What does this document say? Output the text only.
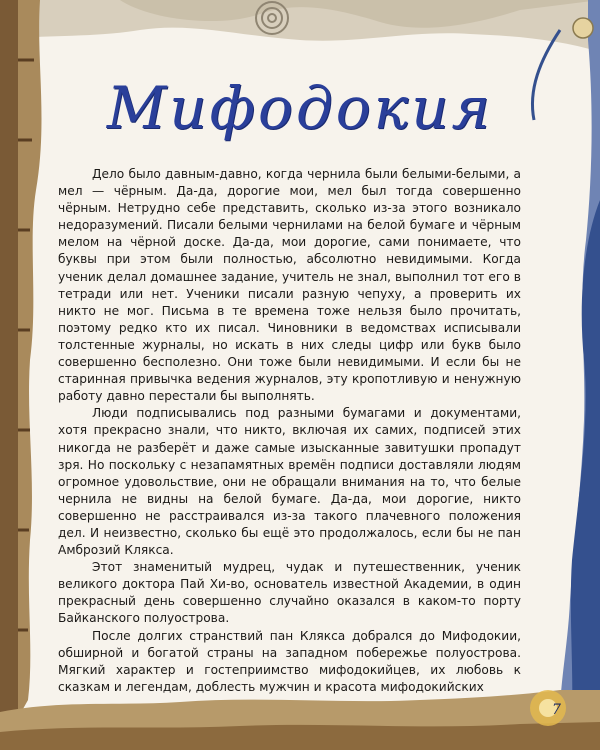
Мифодокия

Дело было давным-давно, когда чернила были белыми-белыми, а мел — чёрным. Да-да, дорогие мои, мел был тогда совершенно чёрным. Нетрудно себе представить, сколько из-за этого возникало недоразумений. Писали белыми чернилами на белой бумаге и чёрным мелом на чёрной доске. Да-да, мои дорогие, сами понимаете, что буквы при этом были полностью, абсолютно невидимыми. Когда ученик делал домашнее задание, учитель не знал, выполнил тот его в тетради или нет. Ученики писали разную чепуху, а проверить их никто не мог. Письма в те времена тоже нельзя было прочитать, поэтому редко кто их писал. Чиновники в ведомствах исписывали толстенные журналы, но искать в них следы цифр или букв было совершенно бесполезно. Они тоже были невидимыми. И если бы не старинная привычка ведения журналов, эту кропотливую и ненужную работу давно перестали бы выполнять.

Люди подписывались под разными бумагами и документами, хотя прекрасно знали, что никто, включая их самих, подписей этих никогда не разберёт и даже самые изысканные завитушки пропадут зря. Но поскольку с незапамятных времён подписи доставляли людям огромное удовольствие, они не обращали внимания на то, что белые чернила не видны на белой бумаге. Да-да, мои дорогие, никто совершенно не расстраивался из-за такого плачевного положения дел. И неизвестно, сколько бы ещё это продолжалось, если бы не пан Амброзий Клякса.

Этот знаменитый мудрец, чудак и путешественник, ученик великого доктора Пай Хи-во, основатель известной Академии, в один прекрасный день совершенно случайно оказался в каком-то порту Байканского полуострова.

После долгих странствий пан Клякса добрался до Мифодокии, обширной и богатой страны на западном побережье полуострова. Мягкий характер и гостеприимство мифодокийцев, их любовь к сказкам и легендам, доблесть мужчин и красота мифодокийских

7
